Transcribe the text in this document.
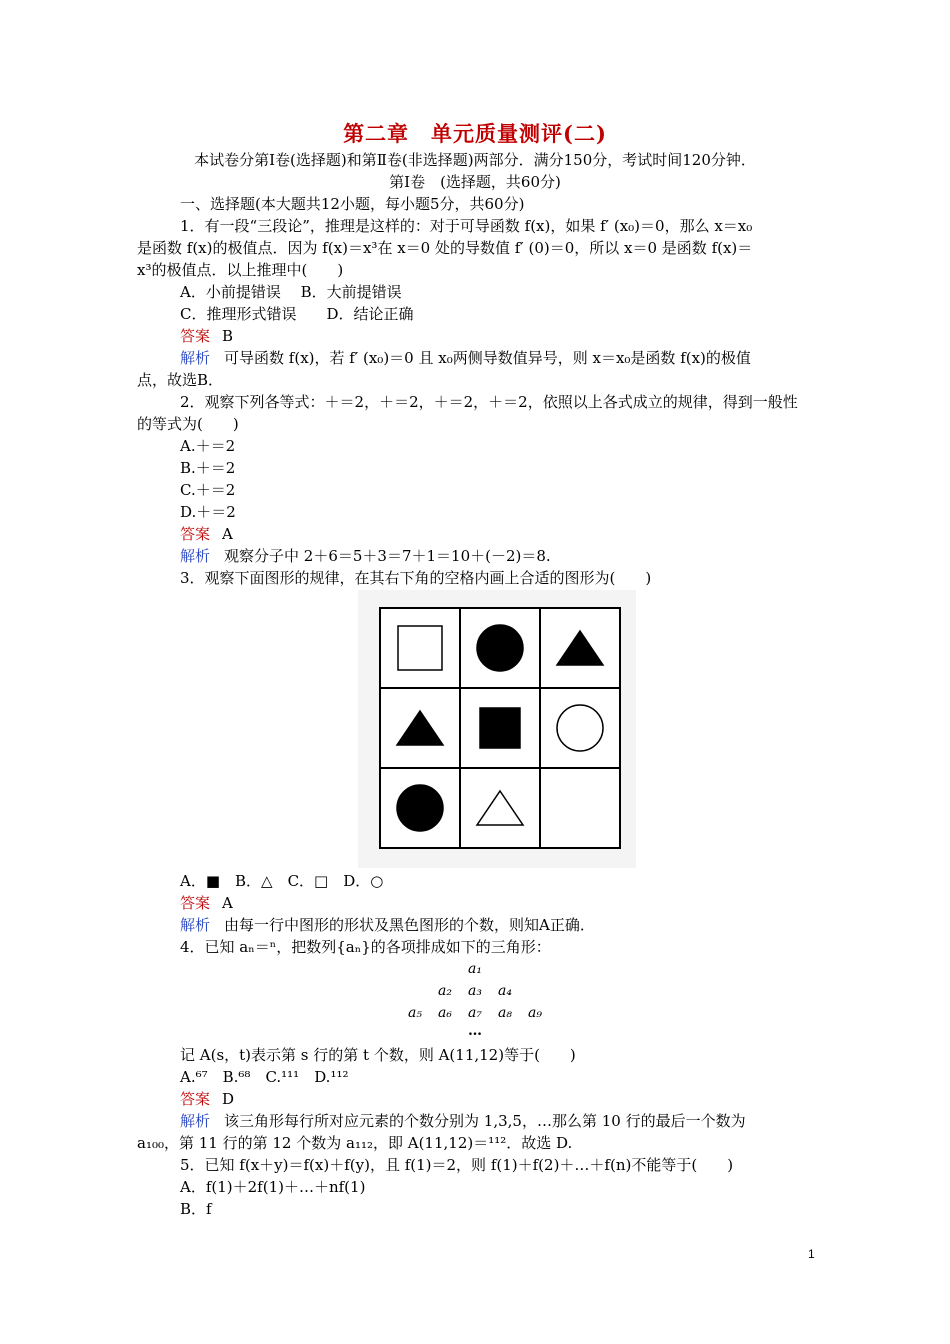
第二章　单元质量测评(二)
本试卷分第Ⅰ卷(选择题)和第Ⅱ卷(非选择题)两部分．满分150分，考试时间120分钟．
第Ⅰ卷　(选择题，共60分)
一、选择题(本大题共12小题，每小题5分，共60分)
1．有一段“三段论”，推理是这样的：对于可导函数 f(x)，如果 f′ (x₀)＝0，那么 x＝x₀
是函数 f(x)的极值点．因为 f(x)＝x³在 x＝0 处的导数值 f′ (0)＝0，所以 x＝0 是函数 f(x)＝
x³的极值点．以上推理中(　　)
A．小前提错误　 B．大前提错误
C．推理形式错误　　D．结论正确
答案 B
解析 可导函数 f(x)，若 f′ (x₀)＝0 且 x₀两侧导数值异号，则 x＝x₀是函数 f(x)的极值
点，故选B．
2．观察下列各等式：＋＝2，＋＝2，＋＝2，＋＝2，依照以上各式成立的规律，得到一般性
的等式为(　　)
A.＋＝2
B.＋＝2
C.＋＝2
D.＋＝2
答案 A
解析 观察分子中 2＋6＝5＋3＝7＋1＝10＋(－2)＝8.
3．观察下面图形的规律，在其右下角的空格内画上合适的图形为(　　)
A．■　B．△　C．□　D．○
答案 A
解析 由每一行中图形的形状及黑色图形的个数，则知A正确．
4．已知 aₙ＝ⁿ，把数列{aₙ}的各项排成如下的三角形：
a₁
a₂ a₃ a₄
a₅ a₆ a₇ a₈ a₉
…
记 A(s，t)表示第 s 行的第 t 个数，则 A(11,12)等于(　　)
A.⁶⁷　B.⁶⁸　C.¹¹¹　D.¹¹²
答案 D
解析 该三角形每行所对应元素的个数分别为 1,3,5，…那么第 10 行的最后一个数为
a₁₀₀，第 11 行的第 12 个数为 a₁₁₂，即 A(11,12)＝¹¹²．故选 D.
5．已知 f(x＋y)＝f(x)＋f(y)，且 f(1)＝2，则 f(1)＋f(2)＋…＋f(n)不能等于(　　)
A．f(1)＋2f(1)＋…＋nf(1)
B．f
1
